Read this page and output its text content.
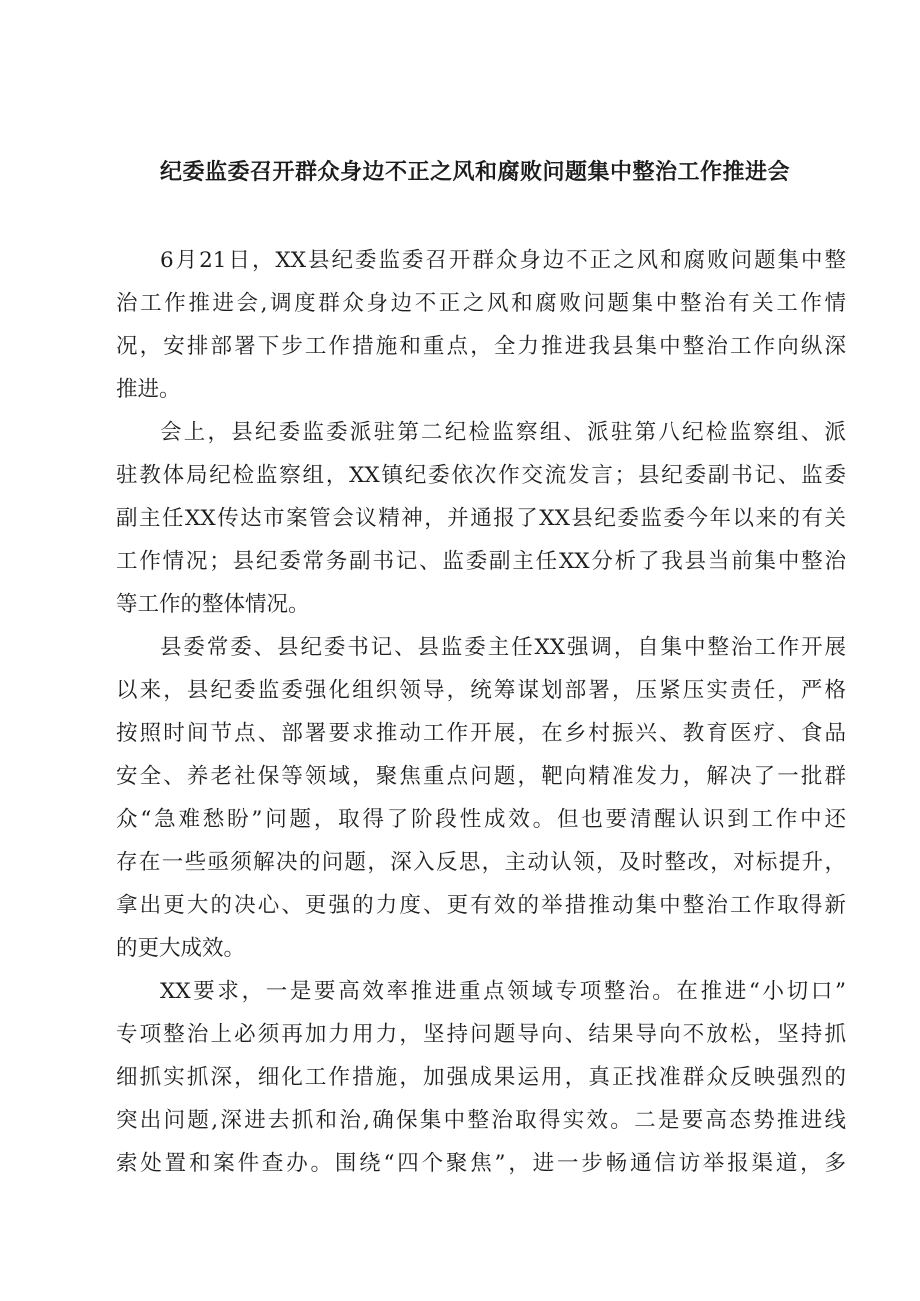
纪委监委召开群众身边不正之风和腐败问题集中整治工作推进会

6月21日，XX县纪委监委召开群众身边不正之风和腐败问题集中整
治工作推进会,调度群众身边不正之风和腐败问题集中整治有关工作情
况，安排部署下步工作措施和重点，全力推进我县集中整治工作向纵深
推进。

会上，县纪委监委派驻第二纪检监察组、派驻第八纪检监察组、派
驻教体局纪检监察组，XX镇纪委依次作交流发言；县纪委副书记、监委
副主任XX传达市案管会议精神，并通报了XX县纪委监委今年以来的有关
工作情况；县纪委常务副书记、监委副主任XX分析了我县当前集中整治
等工作的整体情况。

县委常委、县纪委书记、县监委主任XX强调，自集中整治工作开展
以来，县纪委监委强化组织领导，统筹谋划部署，压紧压实责任，严格
按照时间节点、部署要求推动工作开展，在乡村振兴、教育医疗、食品
安全、养老社保等领域，聚焦重点问题，靶向精准发力，解决了一批群
众“急难愁盼”问题，取得了阶段性成效。但也要清醒认识到工作中还
存在一些亟须解决的问题，深入反思，主动认领，及时整改，对标提升，
拿出更大的决心、更强的力度、更有效的举措推动集中整治工作取得新
的更大成效。

XX要求，一是要高效率推进重点领域专项整治。在推进“小切口”
专项整治上必须再加力用力，坚持问题导向、结果导向不放松，坚持抓
细抓实抓深，细化工作措施，加强成果运用，真正找准群众反映强烈的
突出问题,深进去抓和治,确保集中整治取得实效。二是要高态势推进线
索处置和案件查办。围绕“四个聚焦”，进一步畅通信访举报渠道，多
